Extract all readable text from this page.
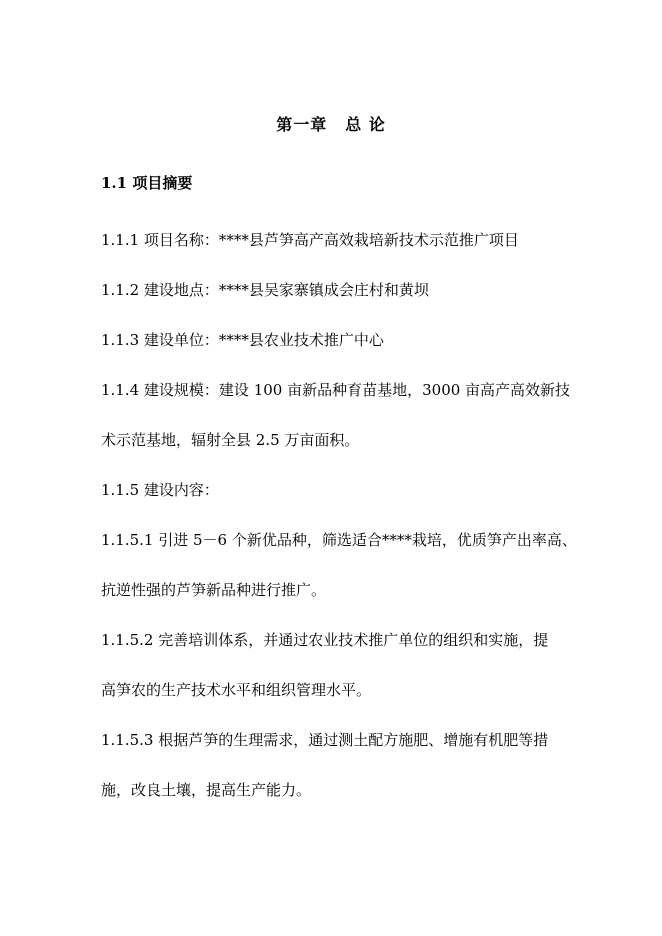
第一章 总 论
1.1 项目摘要
1.1.1 项目名称：****县芦笋高产高效栽培新技术示范推广项目
1.1.2 建设地点：****县吴家寨镇成会庄村和黄坝
1.1.3 建设单位：****县农业技术推广中心
1.1.4 建设规模：建设 100 亩新品种育苗基地，3000 亩高产高效新技
术示范基地，辐射全县 2.5 万亩面积。
1.1.5 建设内容：
1.1.5.1 引进 5－6 个新优品种，筛选适合****栽培，优质笋产出率高、
抗逆性强的芦笋新品种进行推广。
1.1.5.2 完善培训体系，并通过农业技术推广单位的组织和实施，提
高笋农的生产技术水平和组织管理水平。
1.1.5.3 根据芦笋的生理需求，通过测土配方施肥、增施有机肥等措
施，改良土壤，提高生产能力。
